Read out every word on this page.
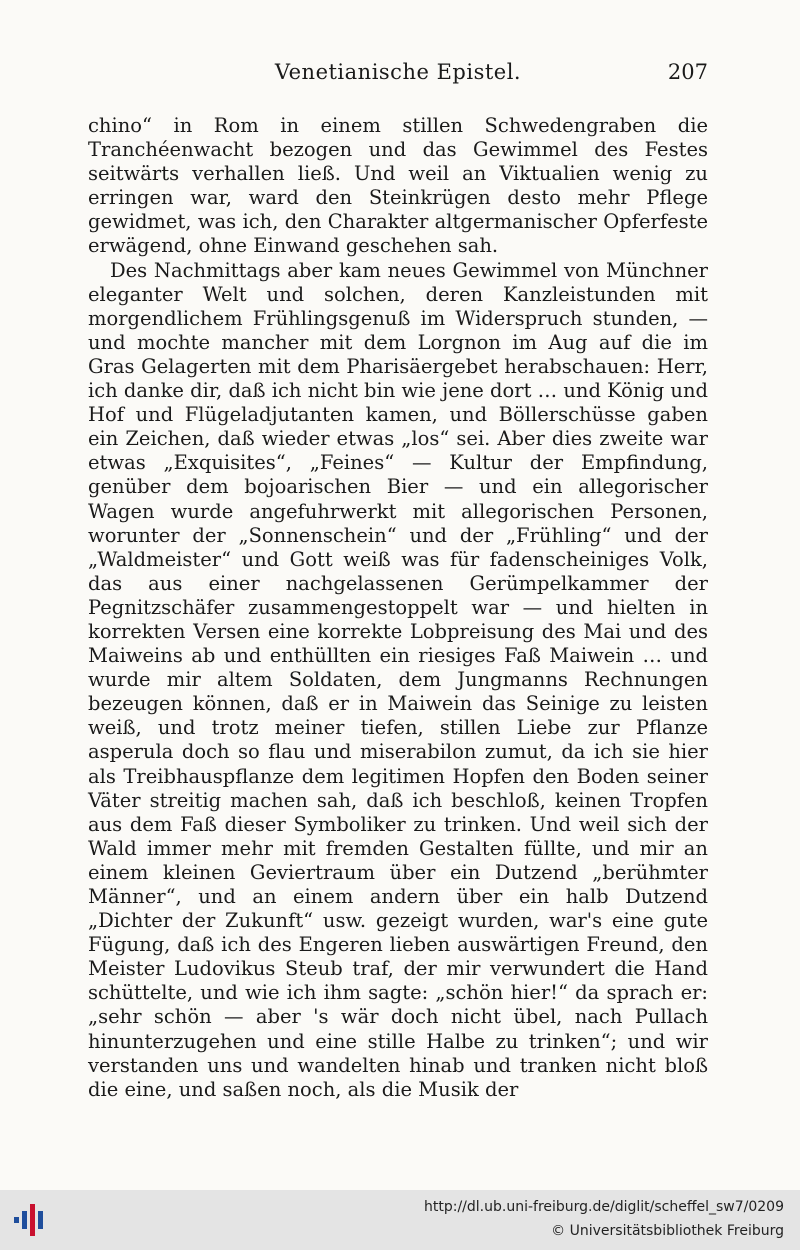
Venetianische Epistel.	207

chino“ in Rom in einem stillen Schwedengraben die Tranchéenwacht bezogen und das Gewimmel des Festes seitwärts verhallen ließ. Und weil an Viktualien wenig zu erringen war, ward den Steinkrügen desto mehr Pflege gewidmet, was ich, den Charakter altgermanischer Opferfeste erwägend, ohne Einwand geschehen sah.

Des Nachmittags aber kam neues Gewimmel von Münchner eleganter Welt und solchen, deren Kanzleistunden mit morgendlichem Frühlingsgenuß im Widerspruch stunden, — und mochte mancher mit dem Lorgnon im Aug auf die im Gras Gelagerten mit dem Pharisäergebet herabschauen: Herr, ich danke dir, daß ich nicht bin wie jene dort … und König und Hof und Flügeladjutanten kamen, und Böllerschüsse gaben ein Zeichen, daß wieder etwas „los“ sei. Aber dies zweite war etwas „Exquisites“, „Feines“ — Kultur der Empfindung, genüber dem bojoarischen Bier — und ein allegorischer Wagen wurde angefuhrwerkt mit allegorischen Personen, worunter der „Sonnenschein“ und der „Frühling“ und der „Waldmeister“ und Gott weiß was für fadenscheiniges Volk, das aus einer nachgelassenen Gerümpelkammer der Pegnitzschäfer zusammengestoppelt war — und hielten in korrekten Versen eine korrekte Lobpreisung des Mai und des Maiweins ab und enthüllten ein riesiges Faß Maiwein … und wurde mir altem Soldaten, dem Jungmanns Rechnungen bezeugen können, daß er in Maiwein das Seinige zu leisten weiß, und trotz meiner tiefen, stillen Liebe zur Pflanze asperula doch so flau und miserabilon zumut, da ich sie hier als Treibhauspflanze dem legitimen Hopfen den Boden seiner Väter streitig machen sah, daß ich beschloß, keinen Tropfen aus dem Faß dieser Symboliker zu trinken. Und weil sich der Wald immer mehr mit fremden Gestalten füllte, und mir an einem kleinen Geviertraum über ein Dutzend „berühmter Männer“, und an einem andern über ein halb Dutzend „Dichter der Zukunft“ usw. gezeigt wurden, war's eine gute Fügung, daß ich des Engeren lieben auswärtigen Freund, den Meister Ludovikus Steub traf, der mir verwundert die Hand schüttelte, und wie ich ihm sagte: „schön hier!“ da sprach er: „sehr schön — aber 's wär doch nicht übel, nach Pullach hinunterzugehen und eine stille Halbe zu trinken“; und wir verstanden uns und wandelten hinab und tranken nicht bloß die eine, und saßen noch, als die Musik der

http://dl.ub.uni-freiburg.de/diglit/scheffel_sw7/0209
© Universitätsbibliothek Freiburg
